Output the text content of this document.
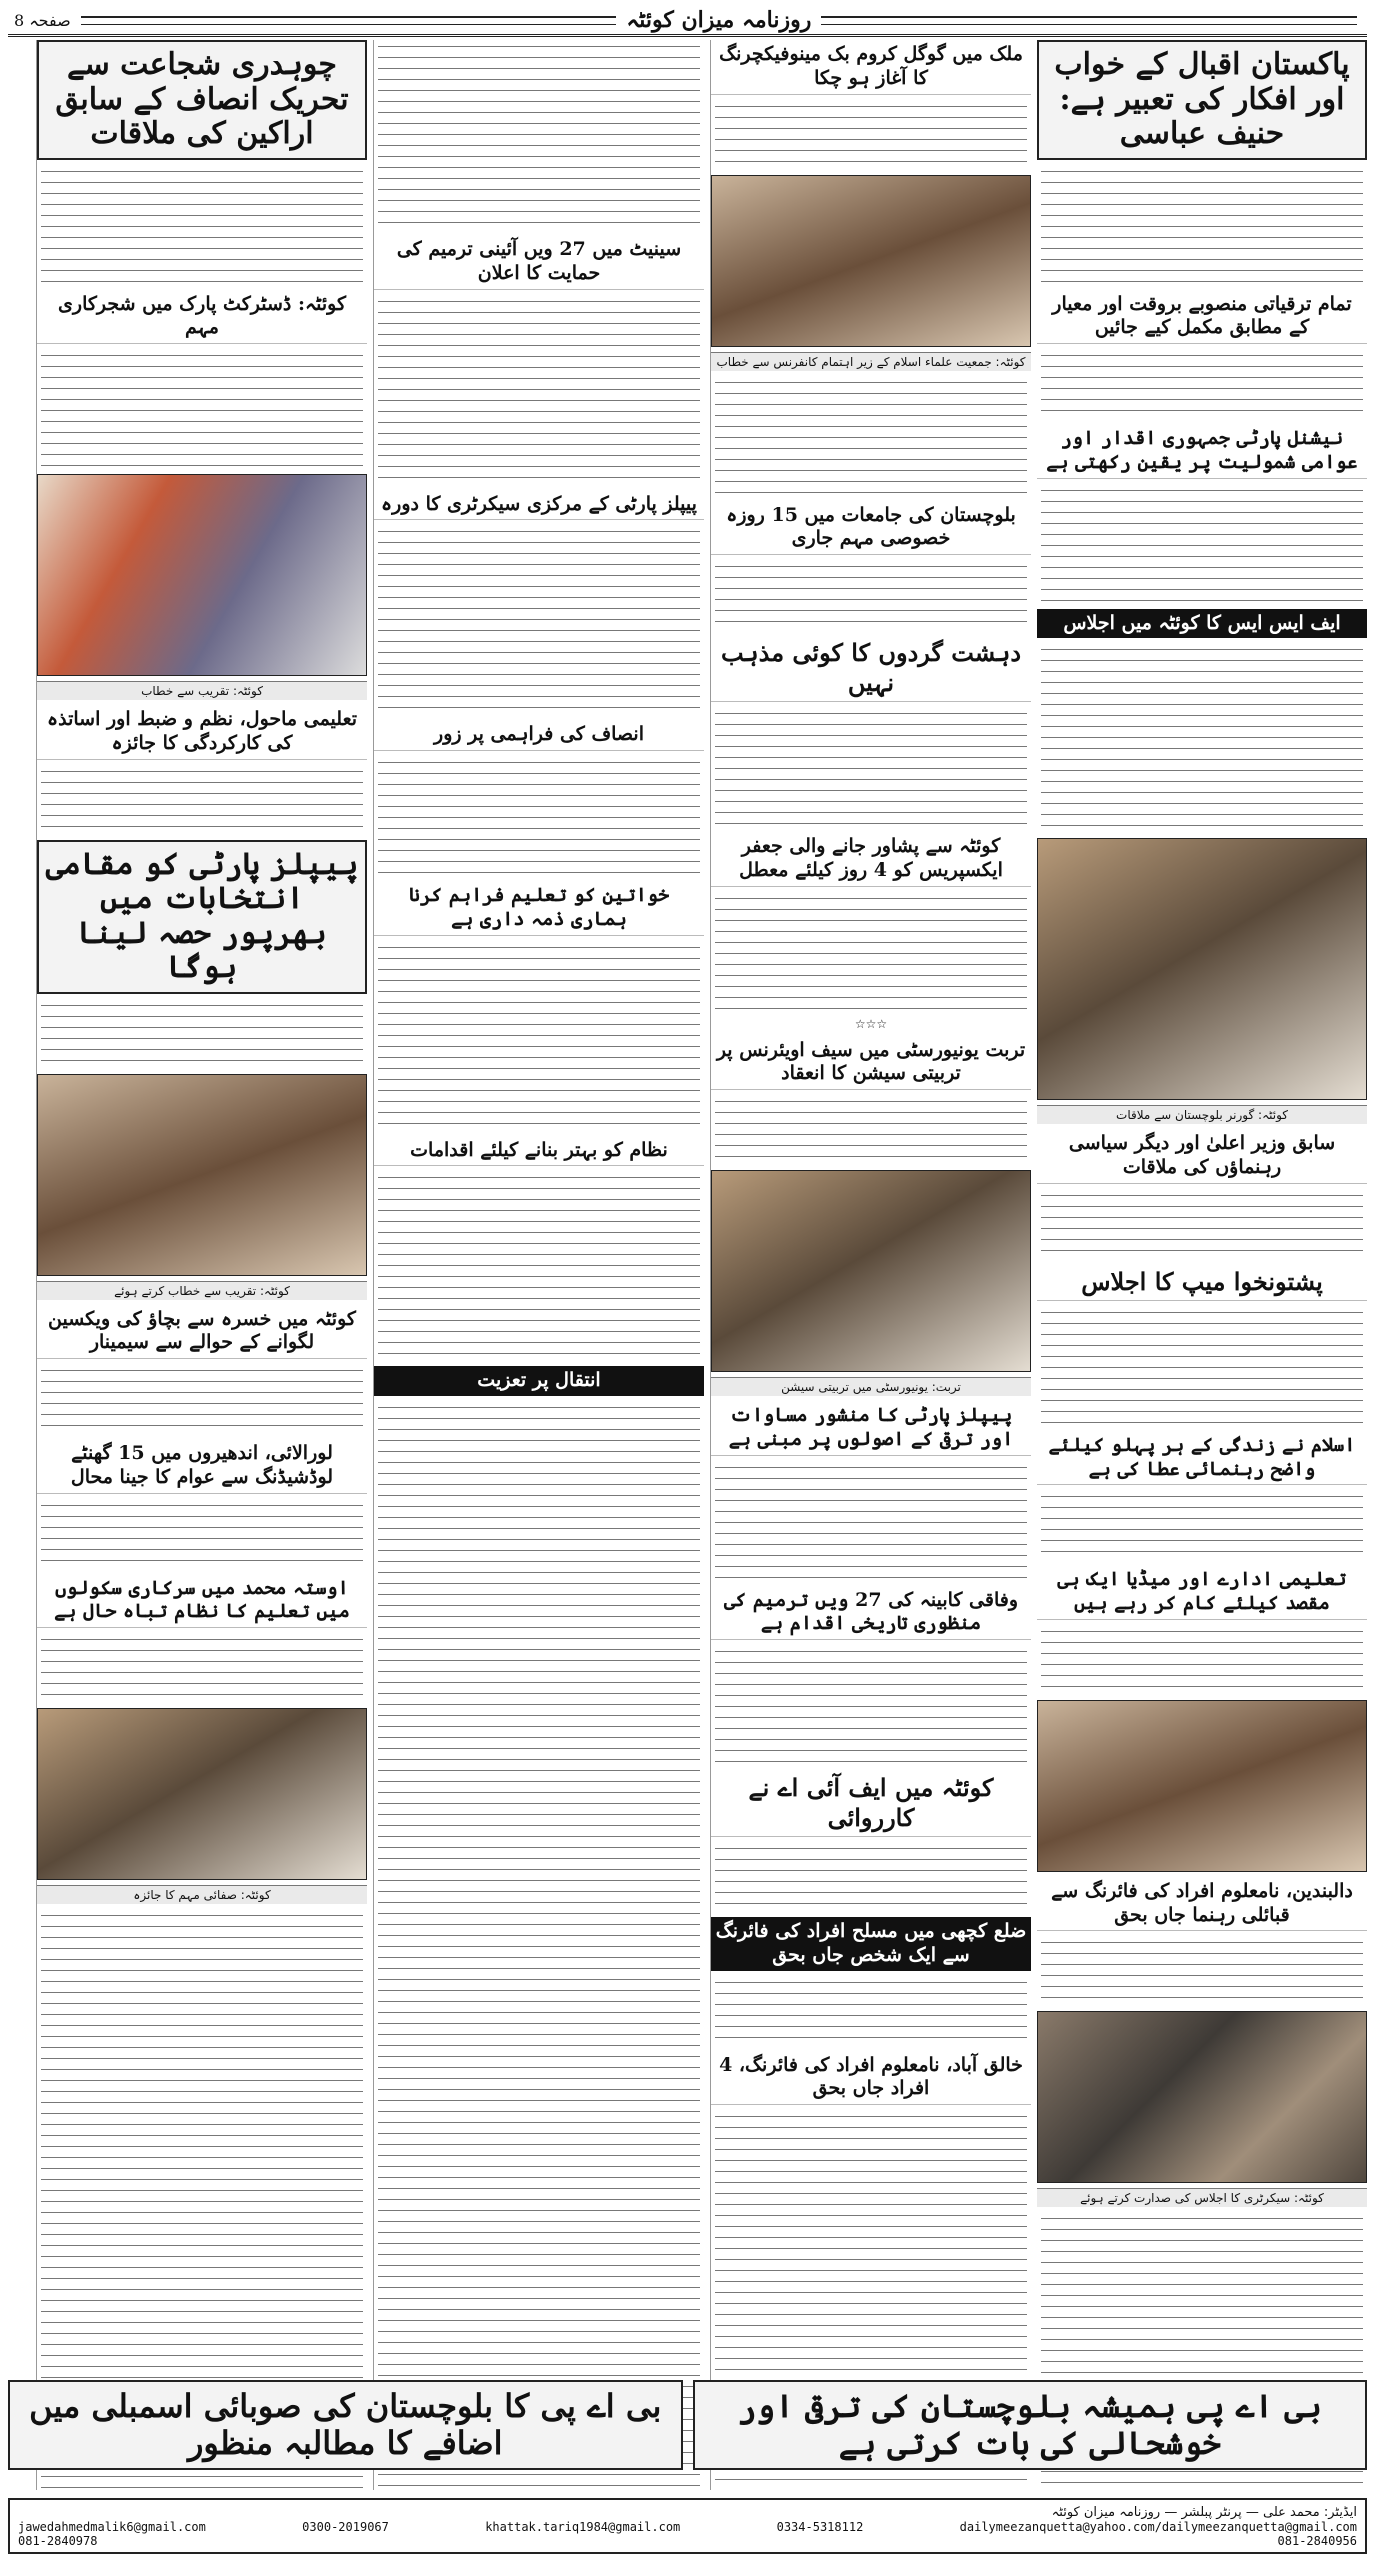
صفحہ 8	روزنامہ میزان کوئٹہ
پاکستان اقبال کے خواب اور افکار کی تعبیر ہے: حنیف عباسی
تمام ترقیاتی منصوبے بروقت اور معیار کے مطابق مکمل کیے جائیں
نیشنل پارٹی جمہوری اقدار اور عوامی شمولیت پر یقین رکھتی ہے
ایف ایس ایس کا کوئٹہ میں اجلاس
کوئٹہ: گورنر بلوچستان سے ملاقات
سابق وزیر اعلیٰ اور دیگر سیاسی رہنماؤں کی ملاقات
پشتونخوا میپ کا اجلاس
اسلام نے زندگی کے ہر پہلو کیلئے واضح رہنمائی عطا کی ہے
تعلیمی ادارے اور میڈیا ایک ہی مقصد کیلئے کام کر رہے ہیں
دالبندین، نامعلوم افراد کی فائرنگ سے قبائلی رہنما جاں بحق
کوئٹہ: سیکرٹری کا اجلاس کی صدارت کرتے ہوئے
ملک میں گوگل کروم بک مینوفیکچرنگ کا آغاز ہو چکا
کوئٹہ: جمعیت علماء اسلام کے زیر اہتمام کانفرنس سے خطاب
بلوچستان کی جامعات میں 15 روزہ خصوصی مہم جاری
دہشت گردوں کا کوئی مذہب نہیں
کوئٹہ سے پشاور جانے والی جعفر ایکسپریس کو 4 روز کیلئے معطل
☆☆☆
تربت یونیورسٹی میں سیف اویئرنس پر تربیتی سیشن کا انعقاد
تربت: یونیورسٹی میں تربیتی سیشن
پیپلز پارٹی کا منشور مساوات اور ترقی کے اصولوں پر مبنی ہے
وفاقی کابینہ کی 27 ویں ترمیم کی منظوری تاریخی اقدام ہے
کوئٹہ میں ایف آئی اے نے کارروائی
ضلع کچھی میں مسلح افراد کی فائرنگ سے ایک شخص جاں بحق
خالق آباد، نامعلوم افراد کی فائرنگ، 4 افراد جاں بحق
سینیٹ میں 27 ویں آئینی ترمیم کی حمایت کا اعلان
پیپلز پارٹی کے مرکزی سیکرٹری کا دورہ
انصاف کی فراہمی پر زور
خواتین کو تعلیم فراہم کرنا ہماری ذمہ داری ہے
نظام کو بہتر بنانے کیلئے اقدامات
انتقال پر تعزیت
چوہدری شجاعت سے تحریک انصاف کے سابق اراکین کی ملاقات
کوئٹہ: ڈسٹرکٹ پارک میں شجرکاری مہم
کوئٹہ: تقریب سے خطاب
تعلیمی ماحول، نظم و ضبط اور اساتذہ کی کارکردگی کا جائزہ
پیپلز پارٹی کو مقامی انتخابات میں بھرپور حصہ لینا ہوگا
کوئٹہ: تقریب سے خطاب کرتے ہوئے
کوئٹہ میں خسرہ سے بچاؤ کی ویکسین لگوانے کے حوالے سے سیمینار
لورالائی، اندھیروں میں 15 گھنٹے لوڈشیڈنگ سے عوام کا جینا محال
اوستہ محمد میں سرکاری سکولوں میں تعلیم کا نظام تباہ حال ہے
کوئٹہ: صفائی مہم کا جائزہ
بی اے پی ہمیشہ بلوچستان کی ترقی اور خوشحالی کی بات کرتی ہے
بی اے پی کا بلوچستان کی صوبائی اسمبلی میں اضافے کا مطالبہ منظور
ایڈیٹر: محمد علی — پرنٹر پبلشر — روزنامہ میزان کوئٹہ
jawedahmedmalik6@gmail.com	0300-2019067	khattak.tariq1984@gmail.com	0334-5318112	dailymeezanquetta@yahoo.com/dailymeezanquetta@gmail.com
081-2840978	081-2840956
